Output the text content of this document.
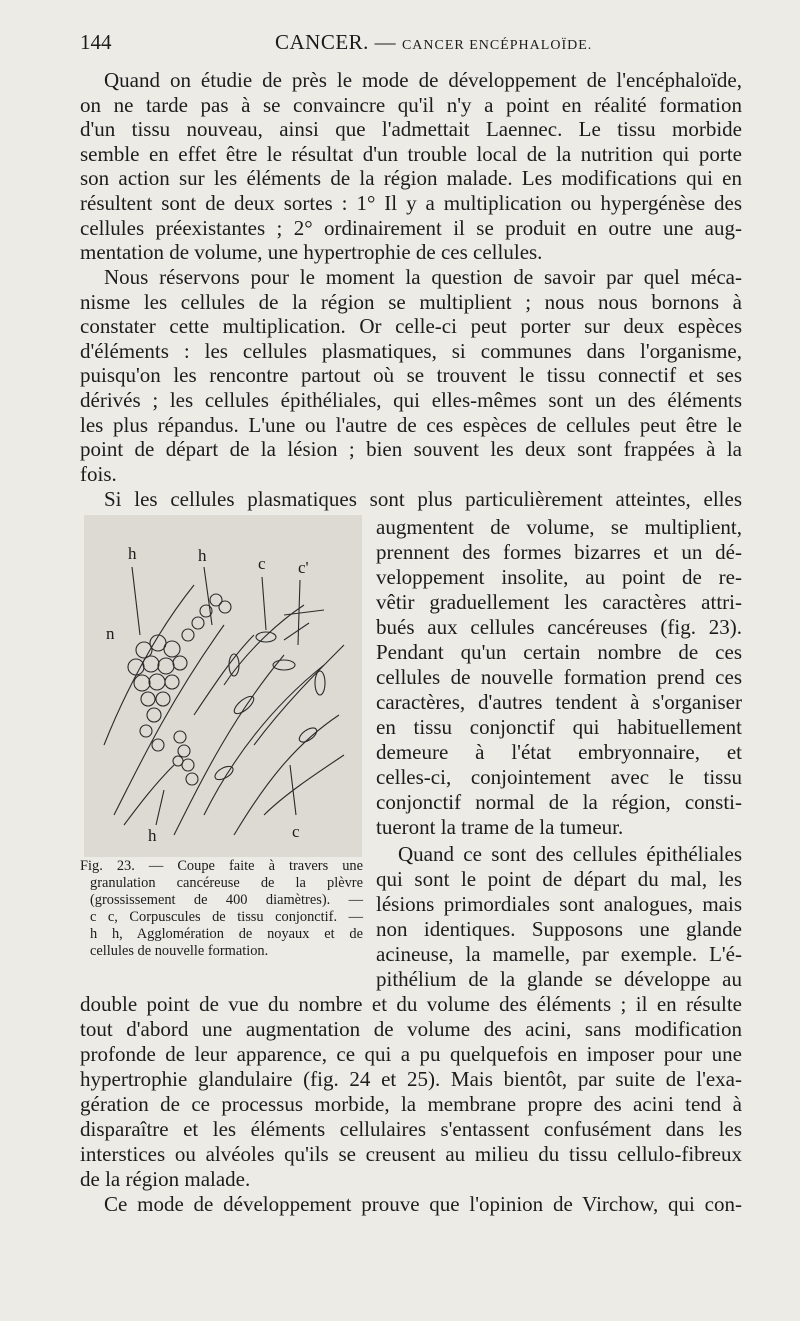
144	CANCER. — CANCER ENCÉPHALOÏDE.
Quand on étudie de près le mode de développement de l'encéphaloïde,
on ne tarde pas à se convaincre qu'il n'y a point en réalité formation
d'un tissu nouveau, ainsi que l'admettait Laennec. Le tissu morbide
semble en effet être le résultat d'un trouble local de la nutrition qui porte
son action sur les éléments de la région malade. Les modifications qui en
résultent sont de deux sortes : 1° Il y a multiplication ou hypergénèse des
cellules préexistantes ; 2° ordinairement il se produit en outre une aug-
mentation de volume, une hypertrophie de ces cellules.
Nous réservons pour le moment la question de savoir par quel méca-
nisme les cellules de la région se multiplient ; nous nous bornons à
constater cette multiplication. Or celle-ci peut porter sur deux espèces
d'éléments : les cellules plasmatiques, si communes dans l'organisme,
puisqu'on les rencontre partout où se trouvent le tissu connectif et ses
dérivés ; les cellules épithéliales, qui elles-mêmes sont un des éléments
les plus répandus. L'une ou l'autre de ces espèces de cellules peut être le
point de départ de la lésion ; bien souvent les deux sont frappées à la
fois.
Si les cellules plasmatiques sont plus particulièrement atteintes, elles
h	h	c c'
n
h	c
augmentent de volume, se multiplient,
prennent des formes bizarres et un dé-
veloppement insolite, au point de re-
vêtir graduellement les caractères attri-
bués aux cellules cancéreuses (fig. 23).
Pendant qu'un certain nombre de ces
cellules de nouvelle formation prend ces
caractères, d'autres tendent à s'organiser
en tissu conjonctif qui habituellement
demeure à l'état embryonnaire, et
celles-ci, conjointement avec le tissu
conjonctif normal de la région, consti-
tueront la trame de la tumeur.
Quand ce sont des cellules épithéliales
qui sont le point de départ du mal, les
lésions primordiales sont analogues, mais
non identiques. Supposons une glande
acineuse, la mamelle, par exemple. L'é-
pithélium de la glande se développe au
Fig. 23. — Coupe faite à travers une
granulation cancéreuse de la plèvre
(grossissement de 400 diamètres). —
c c, Corpuscules de tissu conjonctif. —
h h, Agglomération de noyaux et de
cellules de nouvelle formation.
double point de vue du nombre et du volume des éléments ; il en résulte
tout d'abord une augmentation de volume des acini, sans modification
profonde de leur apparence, ce qui a pu quelquefois en imposer pour une
hypertrophie glandulaire (fig. 24 et 25). Mais bientôt, par suite de l'exa-
gération de ce processus morbide, la membrane propre des acini tend à
disparaître et les éléments cellulaires s'entassent confusément dans les
interstices ou alvéoles qu'ils se creusent au milieu du tissu cellulo-fibreux
de la région malade.
Ce mode de développement prouve que l'opinion de Virchow, qui con-
